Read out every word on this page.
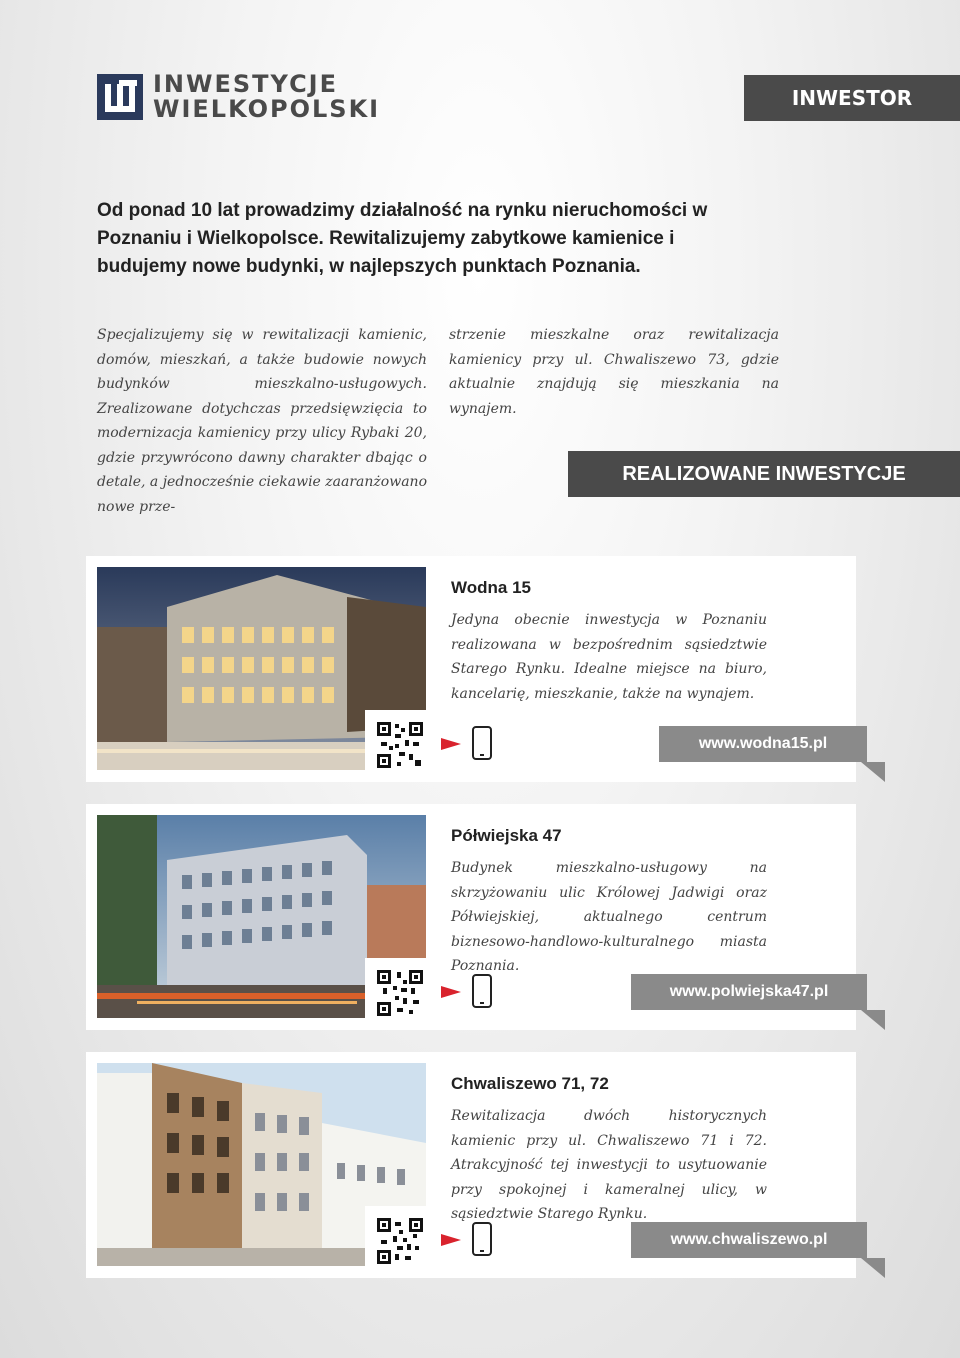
INWESTYCJE
WIELKOPOLSKI	INWESTOR
Od ponad 10 lat prowadzimy działalność na rynku nieruchomości w Poznaniu i Wielkopolsce. Rewitalizujemy zabytkowe kamienice i budujemy nowe budynki, w najlepszych punktach Poznania.
Specjalizujemy się w rewitalizacji kamienic, domów, mieszkań, a także budowie nowych budynków mieszkalno-usługowych. Zrealizowane dotychczas przedsięwzięcia to modernizacja kamienicy przy ulicy Rybaki 20, gdzie przywrócono dawny charakter dbając o detale, a jednocześnie ciekawie zaaranżowano nowe prze-
strzenie mieszkalne oraz rewitalizacja kamienicy przy ul. Chwaliszewo 73, gdzie aktualnie znajdują się mieszkania na wynajem.
REALIZOWANE INWESTYCJE
Wodna 15
Jedyna obecnie inwestycja w Poznaniu realizowana w bezpośrednim sąsiedztwie Starego Rynku. Idealne miejsce na biuro, kancelarię, mieszkanie, także na wynajem.
www.wodna15.pl
Półwiejska 47
Budynek mieszkalno-usługowy na skrzyżowaniu ulic Królowej Jadwigi oraz Półwiejskiej, aktualnego centrum biznesowo-handlowo-kulturalnego miasta Poznania.
www.polwiejska47.pl
Chwaliszewo 71, 72
Rewitalizacja dwóch historycznych kamienic przy ul. Chwaliszewo 71 i 72. Atrakcyjność tej inwestycji to usytuowanie przy spokojnej i kameralnej ulicy, w sąsiedztwie Starego Rynku.
www.chwaliszewo.pl
